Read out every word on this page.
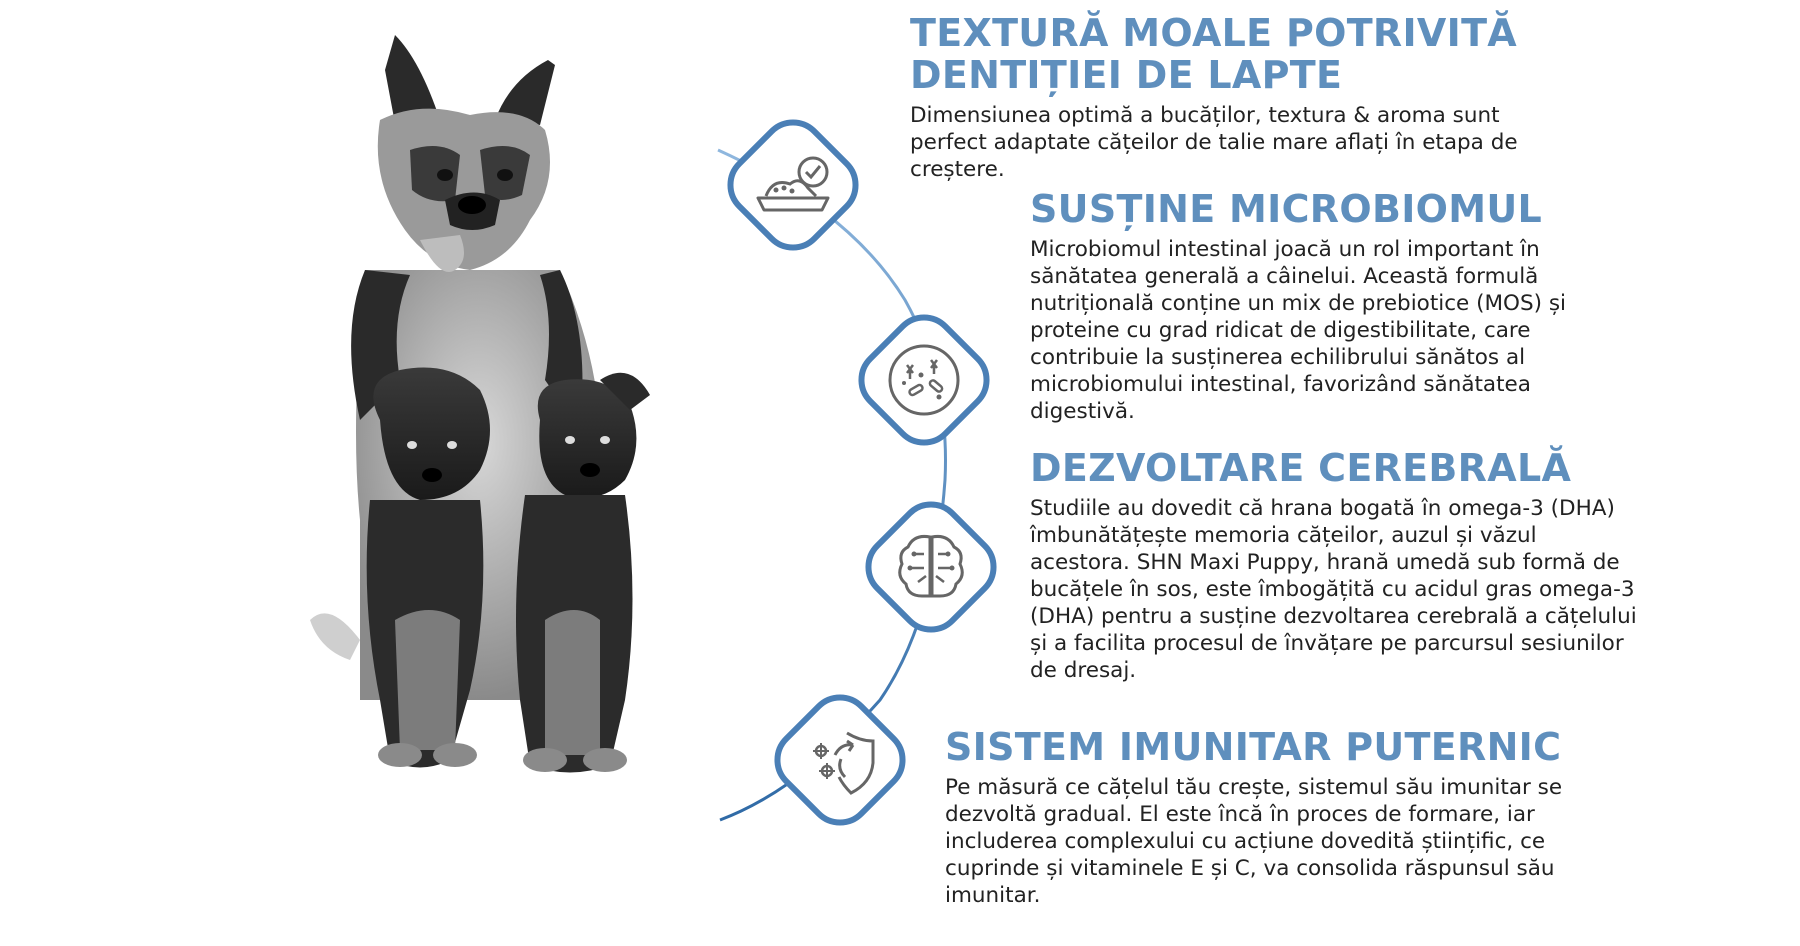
TEXTURĂ MOALE POTRIVITĂ DENTIȚIEI DE LAPTE

Dimensiunea optimă a bucăților, textura & aroma sunt perfect adaptate cățeilor de talie mare aflați în etapa de creștere.

SUSȚINE MICROBIOMUL

Microbiomul intestinal joacă un rol important în sănătatea generală a câinelui. Această formulă nutrițională conține un mix de prebiotice (MOS) și proteine cu grad ridicat de digestibilitate, care contribuie la susținerea echilibrului sănătos al microbiomului intestinal, favorizând sănătatea digestivă.

DEZVOLTARE CEREBRALĂ

Studiile au dovedit că hrana bogată în omega-3 (DHA) îmbunătățește memoria cățeilor, auzul și văzul acestora. SHN Maxi Puppy, hrană umedă sub formă de bucățele în sos, este îmbogățită cu acidul gras omega-3 (DHA) pentru a susține dezvoltarea cerebrală a cățelului și a facilita procesul de învățare pe parcursul sesiunilor de dresaj.

SISTEM IMUNITAR PUTERNIC

Pe măsură ce cățelul tău crește, sistemul său imunitar se dezvoltă gradual. El este încă în proces de formare, iar includerea complexului cu acțiune dovedită științific, ce cuprinde și vitaminele E și C, va consolida răspunsul său imunitar.
